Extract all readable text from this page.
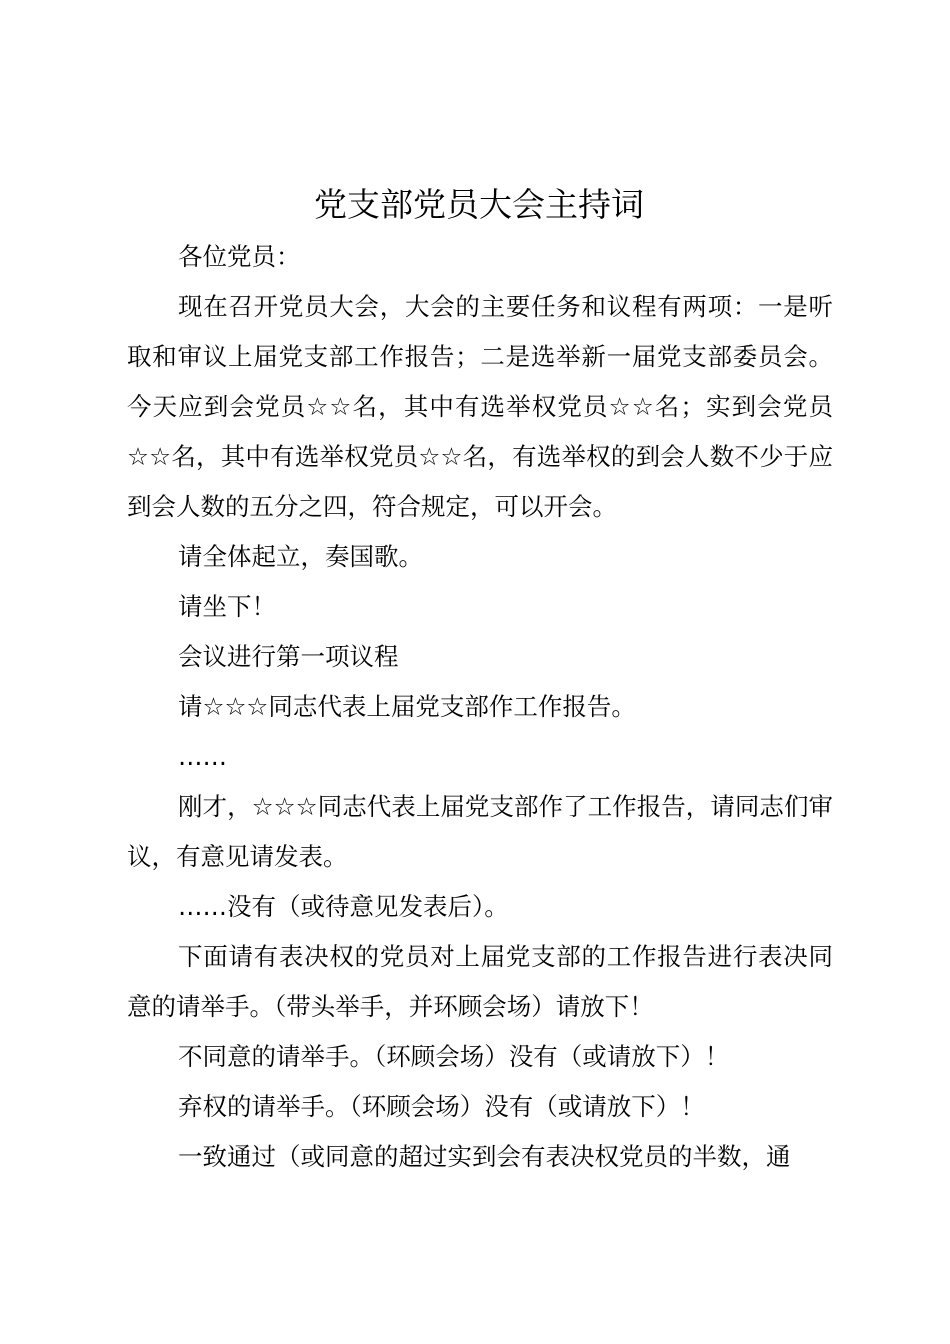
党支部党员大会主持词

各位党员：

现在召开党员大会，大会的主要任务和议程有两项：一是听取和审议上届党支部工作报告；二是选举新一届党支部委员会。今天应到会党员☆☆名，其中有选举权党员☆☆名；实到会党员☆☆名，其中有选举权党员☆☆名，有选举权的到会人数不少于应到会人数的五分之四，符合规定，可以开会。

请全体起立，奏国歌。

请坐下！

会议进行第一项议程

请☆☆☆同志代表上届党支部作工作报告。

……

刚才，☆☆☆同志代表上届党支部作了工作报告，请同志们审议，有意见请发表。

……没有（或待意见发表后）。

下面请有表决权的党员对上届党支部的工作报告进行表决同意的请举手。（带头举手，并环顾会场）请放下！

不同意的请举手。（环顾会场）没有（或请放下）！

弃权的请举手。（环顾会场）没有（或请放下）！

一致通过（或同意的超过实到会有表决权党员的半数，通
